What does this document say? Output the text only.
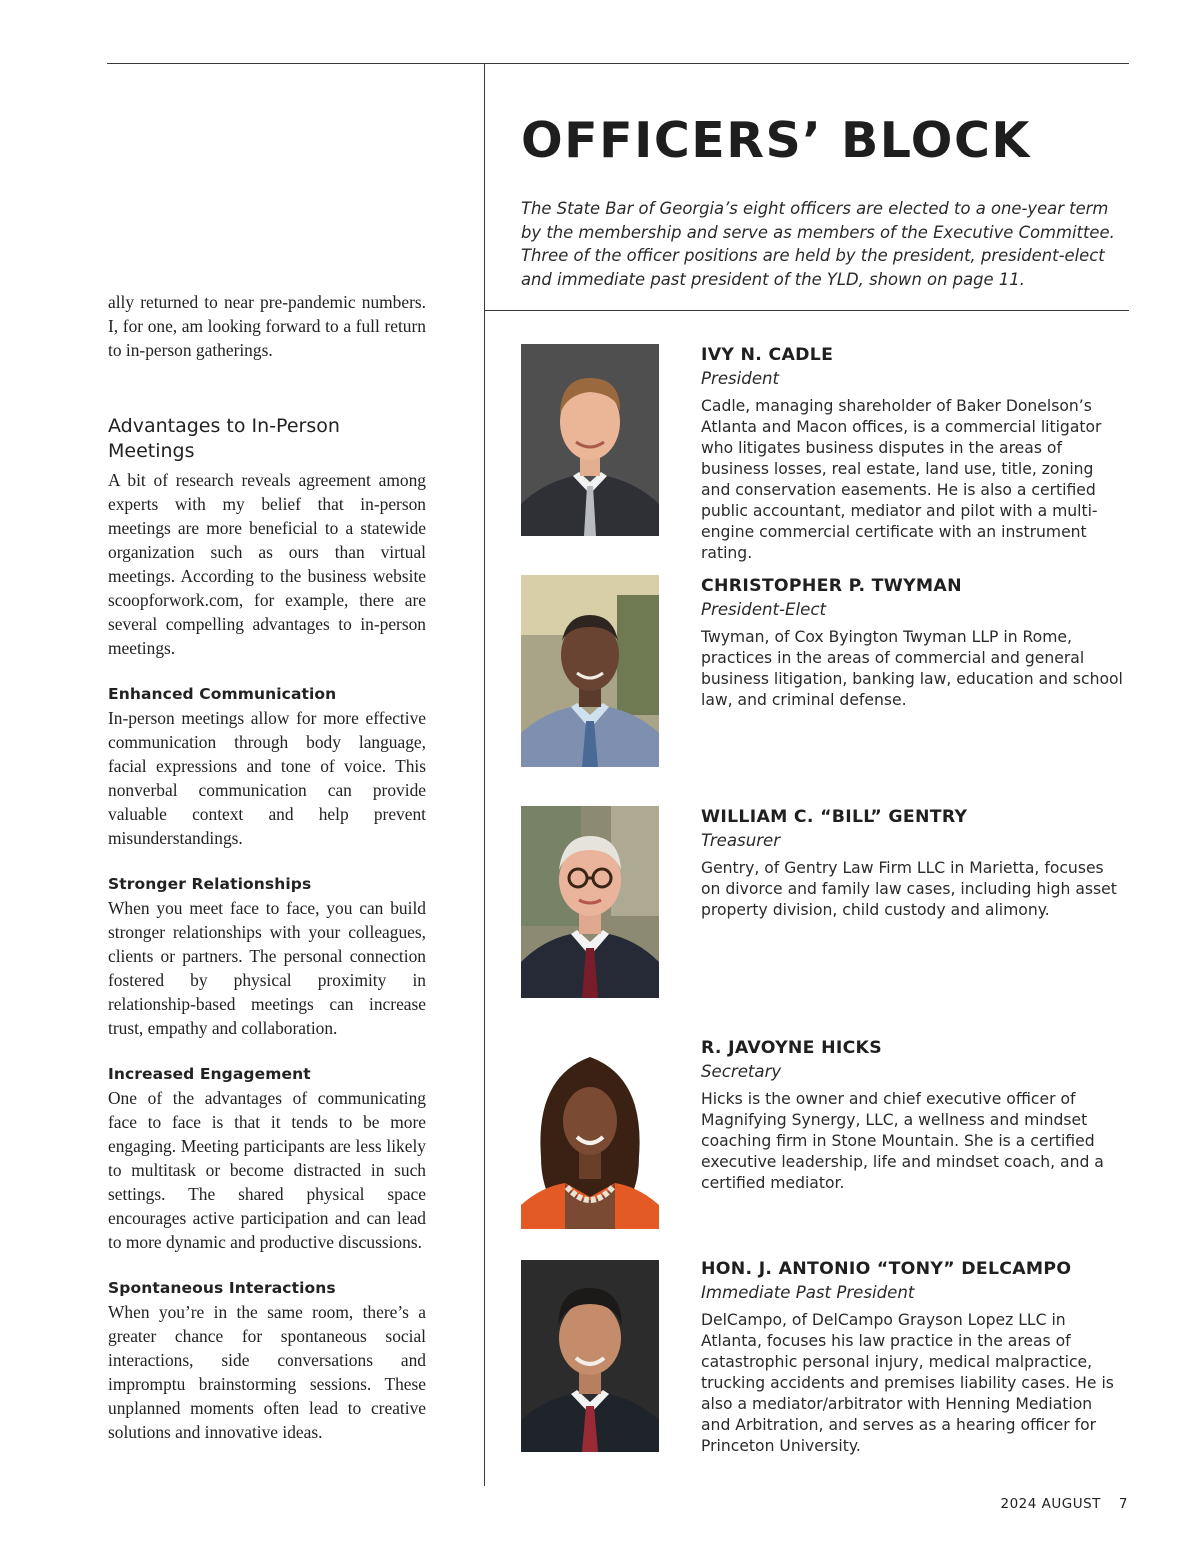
ally returned to near pre-pandemic numbers. I, for one, am looking forward to a full return to in-person gatherings.

Advantages to In-Person Meetings

A bit of research reveals agreement among experts with my belief that in-person meetings are more beneficial to a statewide organization such as ours than virtual meetings. According to the business website scoopforwork.com, for example, there are several compelling advantages to in-person meetings.

Enhanced Communication

In-person meetings allow for more effective communication through body language, facial expressions and tone of voice. This nonverbal communication can provide valuable context and help prevent misunderstandings.

Stronger Relationships

When you meet face to face, you can build stronger relationships with your colleagues, clients or partners. The personal connection fostered by physical proximity in relationship-based meetings can increase trust, empathy and collaboration.

Increased Engagement

One of the advantages of communicating face to face is that it tends to be more engaging. Meeting participants are less likely to multitask or become distracted in such settings. The shared physical space encourages active participation and can lead to more dynamic and productive discussions.

Spontaneous Interactions

When you’re in the same room, there’s a greater chance for spontaneous social interactions, side conversations and impromptu brainstorming sessions. These unplanned moments often lead to creative solutions and innovative ideas.

OFFICERS’ BLOCK

The State Bar of Georgia’s eight officers are elected to a one-year term by the membership and serve as members of the Executive Committee. Three of the officer positions are held by the president, president-elect and immediate past president of the YLD, shown on page 11.

IVY N. CADLE

President

Cadle, managing shareholder of Baker Donelson’s Atlanta and Macon offices, is a commercial litigator who litigates business disputes in the areas of business losses, real estate, land use, title, zoning and conservation easements. He is also a certified public accountant, mediator and pilot with a multi-engine commercial certificate with an instrument rating.

CHRISTOPHER P. TWYMAN

President-Elect

Twyman, of Cox Byington Twyman LLP in Rome, practices in the areas of commercial and general business litigation, banking law, education and school law, and criminal defense.

WILLIAM C. “BILL” GENTRY

Treasurer

Gentry, of Gentry Law Firm LLC in Marietta, focuses on divorce and family law cases, including high asset property division, child custody and alimony.

R. JAVOYNE HICKS

Secretary

Hicks is the owner and chief executive officer of Magnifying Synergy, LLC, a wellness and mindset coaching firm in Stone Mountain. She is a certified executive leadership, life and mindset coach, and a certified mediator.

HON. J. ANTONIO “TONY” DELCAMPO

Immediate Past President

DelCampo, of DelCampo Grayson Lopez LLC in Atlanta, focuses his law practice in the areas of catastrophic personal injury, medical malpractice, trucking accidents and premises liability cases. He is also a mediator/arbitrator with Henning Mediation and Arbitration, and serves as a hearing officer for Princeton University.

2024 AUGUST 7
